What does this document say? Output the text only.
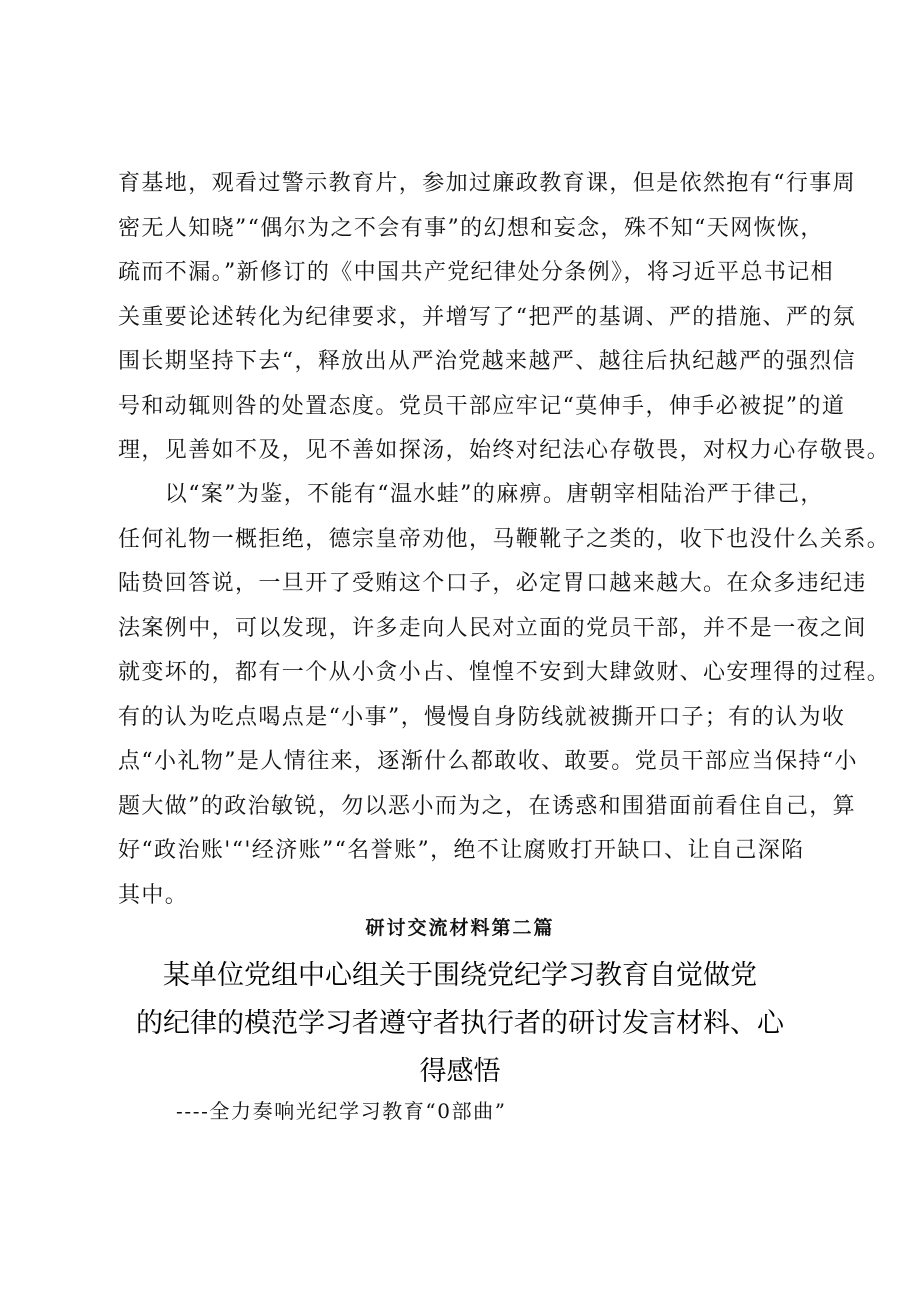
育基地，观看过警示教育片，参加过廉政教育课，但是依然抱有“行事周
密无人知晓”“偶尔为之不会有事”的幻想和妄念，殊不知“天网恢恢，
疏而不漏。”新修订的《中国共产党纪律处分条例》，将习近平总书记相
关重要论述转化为纪律要求，并增写了“把严的基调、严的措施、严的氛
围长期坚持下去“，释放出从严治党越来越严、越往后执纪越严的强烈信
号和动辄则咎的处置态度。党员干部应牢记“莫伸手，伸手必被捉”的道
理，见善如不及，见不善如探汤，始终对纪法心存敬畏，对权力心存敬畏。
　　以“案”为鉴，不能有“温水蛙”的麻痹。唐朝宰相陆治严于律己，
任何礼物一概拒绝，德宗皇帝劝他，马鞭靴子之类的，收下也没什么关系。
陆贽回答说，一旦开了受贿这个口子，必定胃口越来越大。在众多违纪违
法案例中，可以发现，许多走向人民对立面的党员干部，并不是一夜之间
就变坏的，都有一个从小贪小占、惶惶不安到大肆敛财、心安理得的过程。
有的认为吃点喝点是“小事”，慢慢自身防线就被撕开口子；有的认为收
点“小礼物”是人情往来，逐渐什么都敢收、敢要。党员干部应当保持“小
题大做”的政治敏锐，勿以恶小而为之，在诱惑和围猎面前看住自己，算
好“政治账'“'经济账”“名誉账”，绝不让腐败打开缺口、让自己深陷
其中。
研讨交流材料第二篇
某单位党组中心组关于围绕党纪学习教育自觉做党
的纪律的模范学习者遵守者执行者的研讨发言材料、心
得感悟

----全力奏响光纪学习教育“0部曲”
